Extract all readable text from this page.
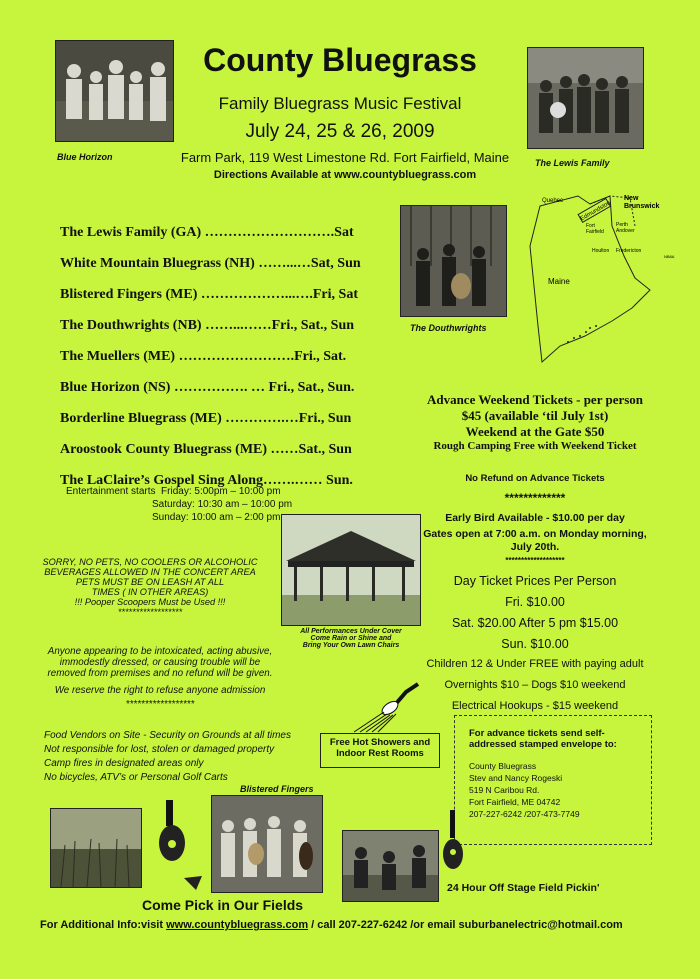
Blue Horizon
County Bluegrass
Family Bluegrass Music Festival
July 24, 25 & 26, 2009
Farm Park, 119 West Limestone Rd. Fort Fairfield, Maine
Directions Available at www.countybluegrass.com
The Lewis Family
The Lewis Family (GA) ……………………….Sat
White Mountain Bluegrass (NH) ……...…Sat, Sun
Blistered Fingers (ME) ………………...….Fri, Sat
The Douthwrights (NB) ……...……Fri., Sat., Sun
The Muellers (ME) …………………….Fri., Sat.
Blue Horizon (NS) ……………. … Fri., Sat., Sun.
Borderline Bluegrass (ME) ………….…Fri., Sun
Aroostook County Bluegrass (ME) ……Sat., Sun
The LaClaire’s Gospel Sing Along…….…… Sun.
The Douthwrights
Edmundston
Quebec	New
Brunswick
Fort
Fairfield
Perth
Andover
Houlton Fredericton
NB8A
Maine
Entertainment starts Friday: 5:00pm – 10:00 pm
Saturday: 10:30 am – 10:00 pm
Sunday: 10:00 am – 2:00 pm
SORRY, NO PETS, NO COOLERS OR ALCOHOLIC
BEVERAGES ALLOWED IN THE CONCERT AREA
PETS MUST BE ON LEASH AT ALL
TIMES ( IN OTHER AREAS)
!!! Pooper Scoopers Must be Used !!!
******************
Anyone appearing to be intoxicated, acting abusive,
immodestly dressed, or causing trouble will be
removed from premises and no refund will be given.
We reserve the right to refuse anyone admission
******************
All Performances Under Cover
Come Rain or Shine and
Bring Your Own Lawn Chairs
Advance Weekend Tickets - per person
$45 (available ‘til July 1st)
Weekend at the Gate $50
Rough Camping Free with Weekend Ticket
No Refund on Advance Tickets
*************
Early Bird Available - $10.00 per day
Gates open at 7:00 a.m. on Monday morning,
July 20th.
*******************
Day Ticket Prices Per Person
Fri. $10.00
Sat. $20.00 After 5 pm $15.00
Sun. $10.00
Children 12 & Under FREE with paying adult
Overnights $10 – Dogs $10 weekend
Electrical Hookups - $15 weekend
Free Hot Showers and
Indoor Rest Rooms
For advance tickets send self-
addressed stamped envelope to:
County Bluegrass
Stev and Nancy Rogeski
519 N Caribou Rd.
Fort Fairfield, ME 04742
207-227-6242 /207-473-7749
Food Vendors on Site - Security on Grounds at all times
Not responsible for lost, stolen or damaged property
Camp fires in designated areas only
No bicycles, ATV’s or Personal Golf Carts
Blistered Fingers
Come Pick in Our Fields
24 Hour Off Stage Field Pickin'
For Additional Info:visit www.countybluegrass.com / call 207-227-6242 /or email suburbanelectric@hotmail.com
